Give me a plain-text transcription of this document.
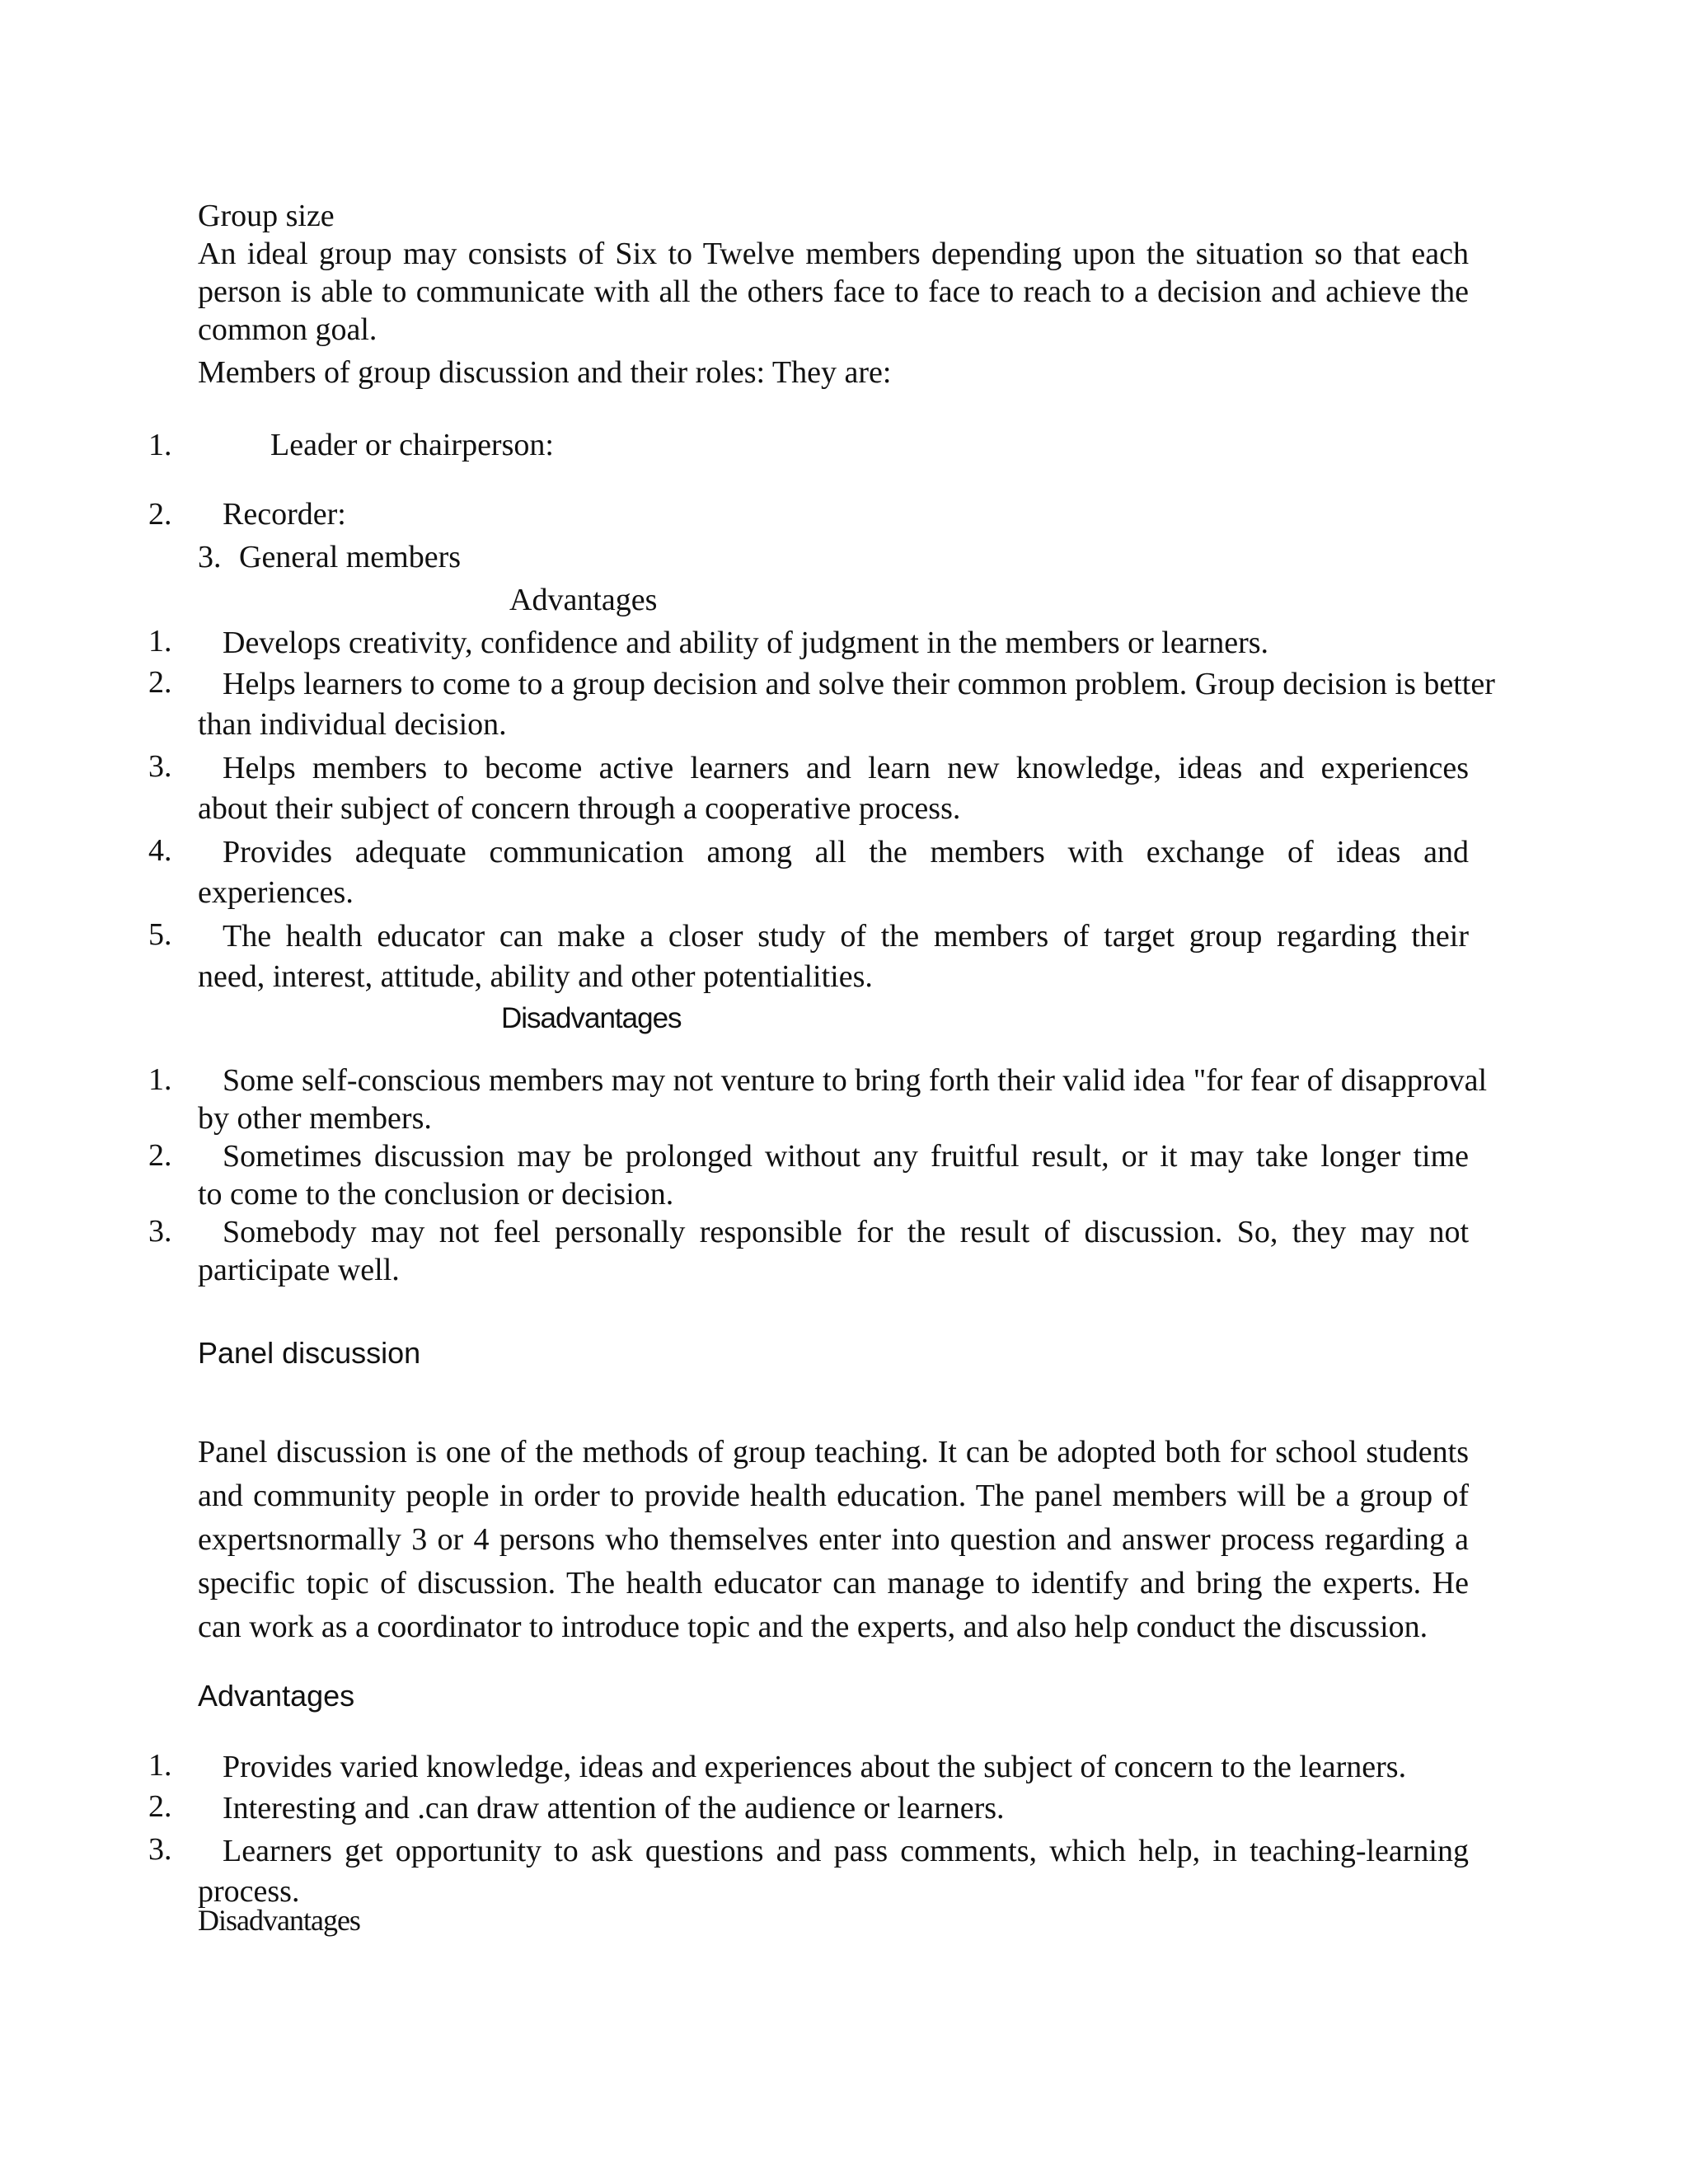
Group size
An ideal group may consists of Six to Twelve members depending upon the situation so that each
person is able to communicate with all the others face to face to reach to a decision and achieve the
common goal.
Members of group discussion and their roles: They are:
1.	Leader or chairperson:
2. Recorder:
3. General members
Advantages
1.	Develops creativity, confidence and ability of judgment in the members or learners.
2.	Helps learners to come to a group decision and solve their common problem. Group decision is better
than individual decision.
3.	Helps members to become active learners and learn new knowledge, ideas and experiences
about their subject of concern through a cooperative process.
4.	Provides adequate communication among all the members with exchange of ideas and
experiences.
5.	The health educator can make a closer study of the members of target group regarding their
need, interest, attitude, ability and other potentialities.
Disadvantages
1.	Some self-conscious members may not venture to bring forth their valid idea "for fear of disapproval
by other members.
2.	Sometimes discussion may be prolonged without any fruitful result, or it may take longer time
to come to the conclusion or decision.
3.	Somebody may not feel personally responsible for the result of discussion. So, they may not
participate well.
Panel discussion
Panel discussion is one of the methods of group teaching. It can be adopted both for school students
and community people in order to provide health education. The panel members will be a group of
expertsnormally 3 or 4 persons who themselves enter into question and answer process regarding a
specific topic of discussion. The health educator can manage to identify and bring the experts. He
can work as a coordinator to introduce topic and the experts, and also help conduct the discussion.
Advantages
1.	Provides varied knowledge, ideas and experiences about the subject of concern to the learners.
2.	Interesting and .can draw attention of the audience or learners.
3.	Learners get opportunity to ask questions and pass comments, which help, in teaching-learning
process.
Disadvantages
